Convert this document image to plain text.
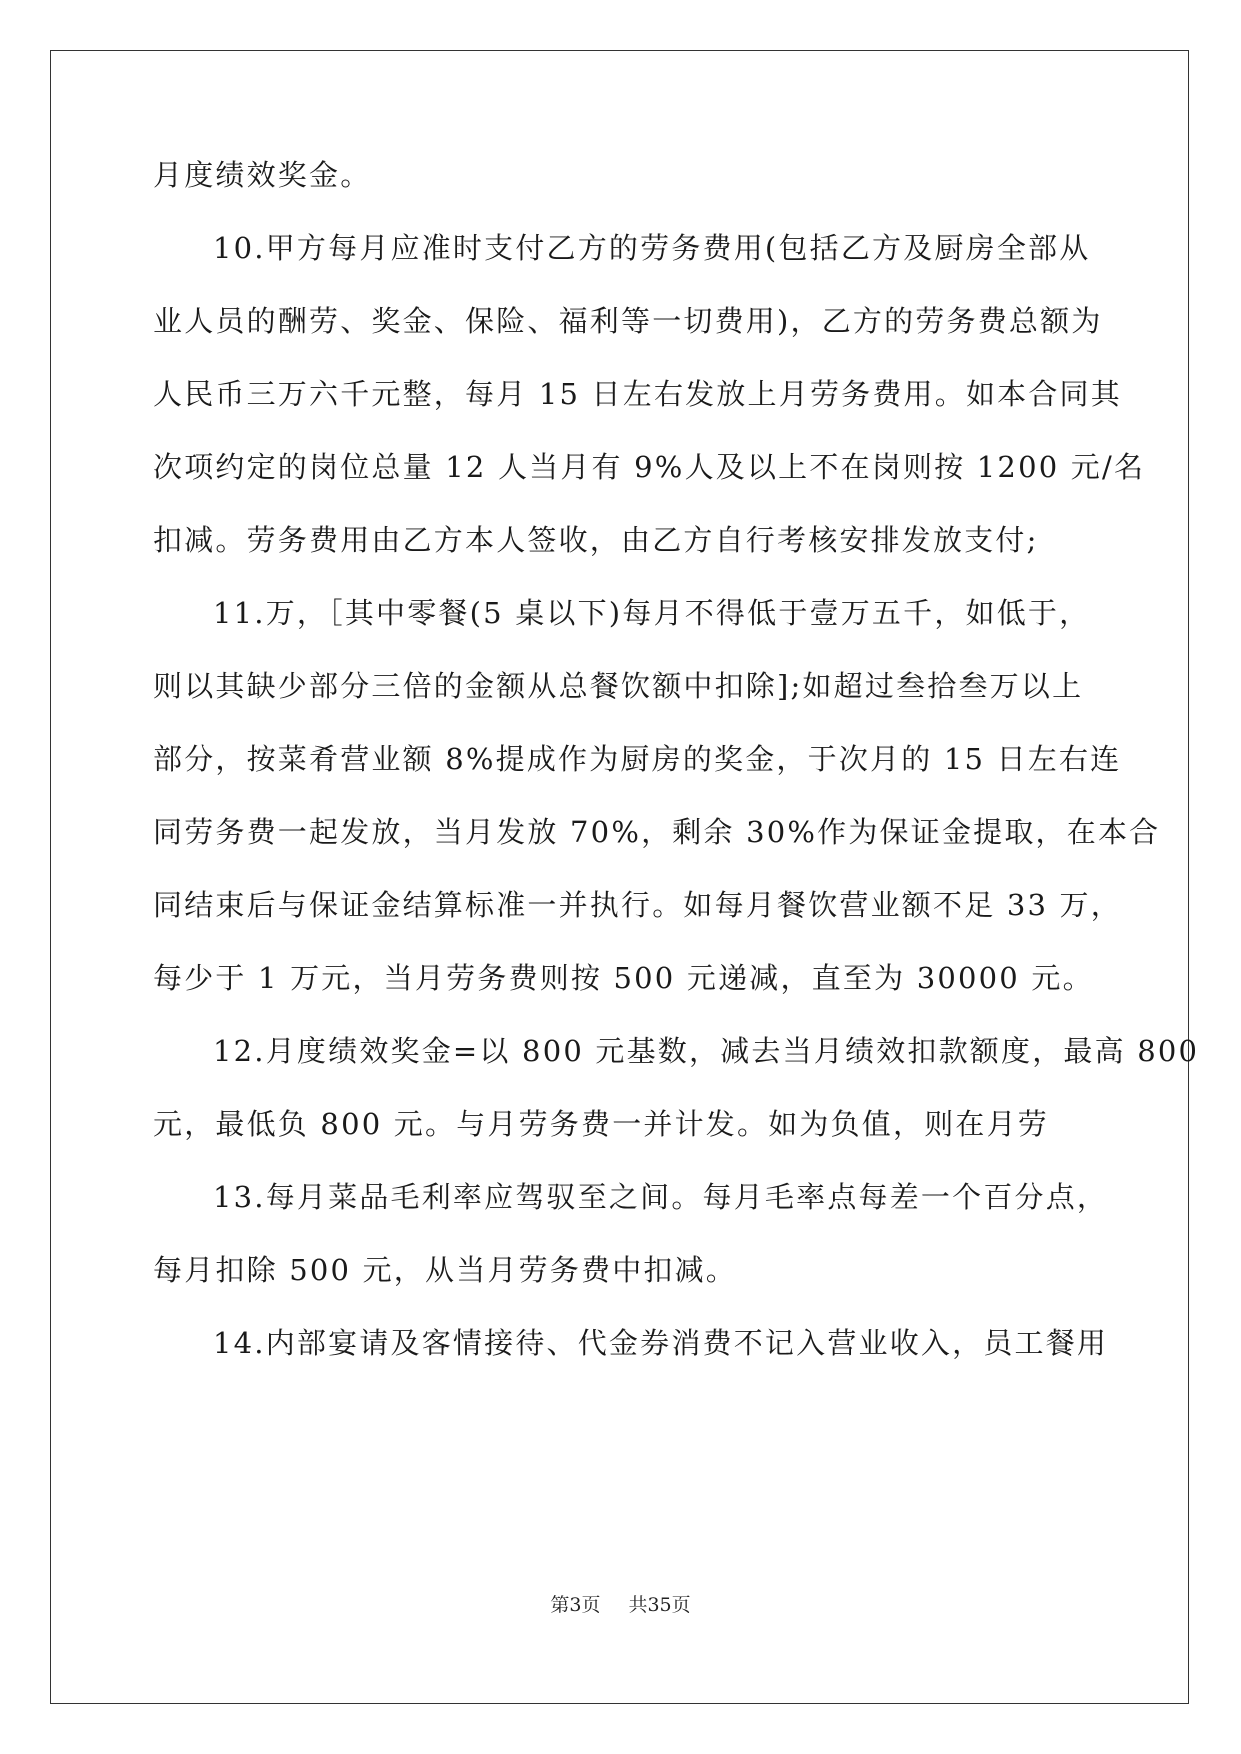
月度绩效奖金。
10.甲方每月应准时支付乙方的劳务费用(包括乙方及厨房全部从
业人员的酬劳、奖金、保险、福利等一切费用)，乙方的劳务费总额为
人民币三万六千元整，每月 15 日左右发放上月劳务费用。如本合同其
次项约定的岗位总量 12 人当月有 9%人及以上不在岗则按 1200 元/名
扣减。劳务费用由乙方本人签收，由乙方自行考核安排发放支付;
11.万，［其中零餐(5 桌以下)每月不得低于壹万五千，如低于，
则以其缺少部分三倍的金额从总餐饮额中扣除];如超过叁拾叁万以上
部分，按菜肴营业额 8%提成作为厨房的奖金，于次月的 15 日左右连
同劳务费一起发放，当月发放 70%，剩余 30%作为保证金提取，在本合
同结束后与保证金结算标准一并执行。如每月餐饮营业额不足 33 万，
每少于 1 万元，当月劳务费则按 500 元递减，直至为 30000 元。
12.月度绩效奖金=以 800 元基数，减去当月绩效扣款额度，最高 800
元，最低负 800 元。与月劳务费一并计发。如为负值，则在月劳
13.每月菜品毛利率应驾驭至之间。每月毛率点每差一个百分点，
每月扣除 500 元，从当月劳务费中扣减。
14.内部宴请及客情接待、代金券消费不记入营业收入，员工餐用
第3页 共35页
